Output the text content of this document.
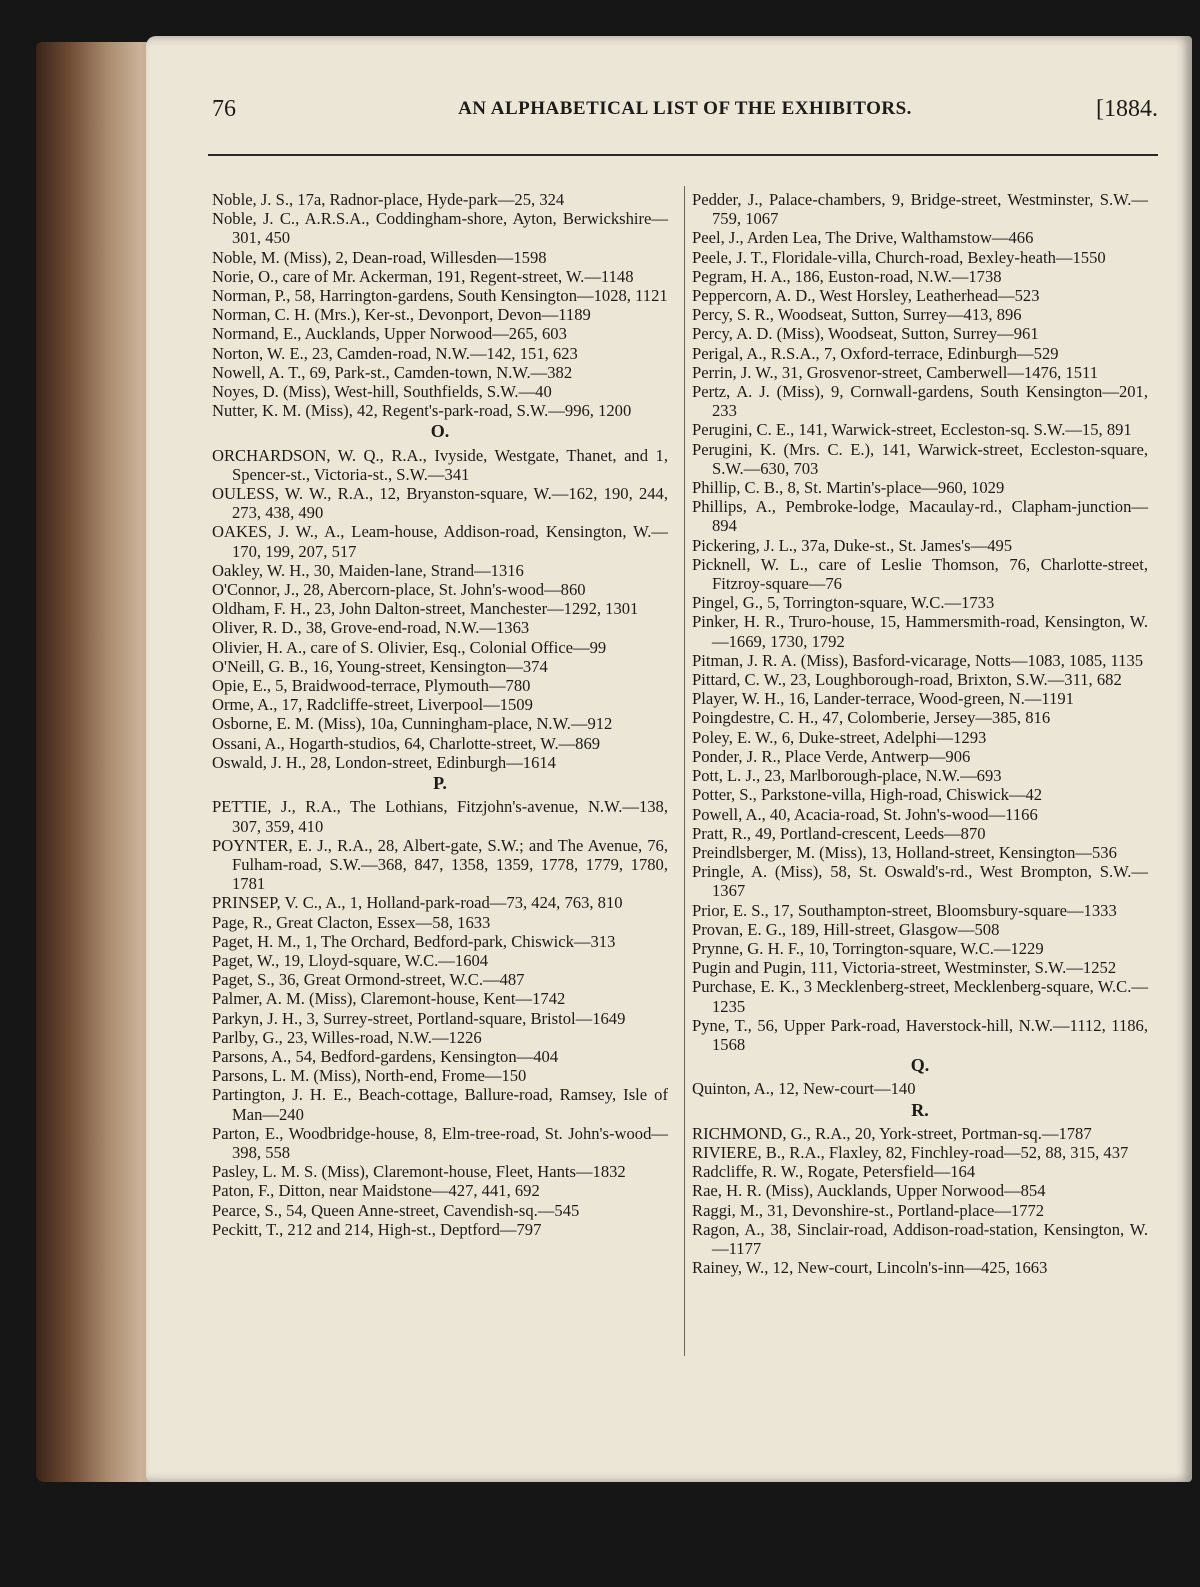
76	AN ALPHABETICAL LIST OF THE EXHIBITORS.	[1884.

Noble, J. S., 17a, Radnor-place, Hyde-park—25, 324

Noble, J. C., A.R.S.A., Coddingham-shore, Ayton, Berwickshire—301, 450

Noble, M. (Miss), 2, Dean-road, Willesden—1598

Norie, O., care of Mr. Ackerman, 191, Regent-street, W.—1148

Norman, P., 58, Harrington-gardens, South Kensington—1028, 1121

Norman, C. H. (Mrs.), Ker-st., Devonport, Devon—1189

Normand, E., Aucklands, Upper Norwood—265, 603

Norton, W. E., 23, Camden-road, N.W.—142, 151, 623

Nowell, A. T., 69, Park-st., Camden-town, N.W.—382

Noyes, D. (Miss), West-hill, Southfields, S.W.—40

Nutter, K. M. (Miss), 42, Regent's-park-road, S.W.—996, 1200

O.

ORCHARDSON, W. Q., R.A., Ivyside, Westgate, Thanet, and 1, Spencer-st., Victoria-st., S.W.—341

OULESS, W. W., R.A., 12, Bryanston-square, W.—162, 190, 244, 273, 438, 490

OAKES, J. W., A., Leam-house, Addison-road, Kensington, W.—170, 199, 207, 517

Oakley, W. H., 30, Maiden-lane, Strand—1316

O'Connor, J., 28, Abercorn-place, St. John's-wood—860

Oldham, F. H., 23, John Dalton-street, Manchester—1292, 1301

Oliver, R. D., 38, Grove-end-road, N.W.—1363

Olivier, H. A., care of S. Olivier, Esq., Colonial Office—99

O'Neill, G. B., 16, Young-street, Kensington—374

Opie, E., 5, Braidwood-terrace, Plymouth—780

Orme, A., 17, Radcliffe-street, Liverpool—1509

Osborne, E. M. (Miss), 10a, Cunningham-place, N.W.—912

Ossani, A., Hogarth-studios, 64, Charlotte-street, W.—869

Oswald, J. H., 28, London-street, Edinburgh—1614

P.

PETTIE, J., R.A., The Lothians, Fitzjohn's-avenue, N.W.—138, 307, 359, 410

POYNTER, E. J., R.A., 28, Albert-gate, S.W.; and The Avenue, 76, Fulham-road, S.W.—368, 847, 1358, 1359, 1778, 1779, 1780, 1781

PRINSEP, V. C., A., 1, Holland-park-road—73, 424, 763, 810

Page, R., Great Clacton, Essex—58, 1633

Paget, H. M., 1, The Orchard, Bedford-park, Chiswick—313

Paget, W., 19, Lloyd-square, W.C.—1604

Paget, S., 36, Great Ormond-street, W.C.—487

Palmer, A. M. (Miss), Claremont-house, Kent—1742

Parkyn, J. H., 3, Surrey-street, Portland-square, Bristol—1649

Parlby, G., 23, Willes-road, N.W.—1226

Parsons, A., 54, Bedford-gardens, Kensington—404

Parsons, L. M. (Miss), North-end, Frome—150

Partington, J. H. E., Beach-cottage, Ballure-road, Ramsey, Isle of Man—240

Parton, E., Woodbridge-house, 8, Elm-tree-road, St. John's-wood—398, 558

Pasley, L. M. S. (Miss), Claremont-house, Fleet, Hants—1832

Paton, F., Ditton, near Maidstone—427, 441, 692

Pearce, S., 54, Queen Anne-street, Cavendish-sq.—545

Peckitt, T., 212 and 214, High-st., Deptford—797

Pedder, J., Palace-chambers, 9, Bridge-street, Westminster, S.W.—759, 1067

Peel, J., Arden Lea, The Drive, Walthamstow—466

Peele, J. T., Floridale-villa, Church-road, Bexley-heath—1550

Pegram, H. A., 186, Euston-road, N.W.—1738

Peppercorn, A. D., West Horsley, Leatherhead—523

Percy, S. R., Woodseat, Sutton, Surrey—413, 896

Percy, A. D. (Miss), Woodseat, Sutton, Surrey—961

Perigal, A., R.S.A., 7, Oxford-terrace, Edinburgh—529

Perrin, J. W., 31, Grosvenor-street, Camberwell—1476, 1511

Pertz, A. J. (Miss), 9, Cornwall-gardens, South Kensington—201, 233

Perugini, C. E., 141, Warwick-street, Eccleston-sq. S.W.—15, 891

Perugini, K. (Mrs. C. E.), 141, Warwick-street, Eccleston-square, S.W.—630, 703

Phillip, C. B., 8, St. Martin's-place—960, 1029

Phillips, A., Pembroke-lodge, Macaulay-rd., Clapham-junction—894

Pickering, J. L., 37a, Duke-st., St. James's—495

Picknell, W. L., care of Leslie Thomson, 76, Charlotte-street, Fitzroy-square—76

Pingel, G., 5, Torrington-square, W.C.—1733

Pinker, H. R., Truro-house, 15, Hammersmith-road, Kensington, W.—1669, 1730, 1792

Pitman, J. R. A. (Miss), Basford-vicarage, Notts—1083, 1085, 1135

Pittard, C. W., 23, Loughborough-road, Brixton, S.W.—311, 682

Player, W. H., 16, Lander-terrace, Wood-green, N.—1191

Poingdestre, C. H., 47, Colomberie, Jersey—385, 816

Poley, E. W., 6, Duke-street, Adelphi—1293

Ponder, J. R., Place Verde, Antwerp—906

Pott, L. J., 23, Marlborough-place, N.W.—693

Potter, S., Parkstone-villa, High-road, Chiswick—42

Powell, A., 40, Acacia-road, St. John's-wood—1166

Pratt, R., 49, Portland-crescent, Leeds—870

Preindlsberger, M. (Miss), 13, Holland-street, Kensington—536

Pringle, A. (Miss), 58, St. Oswald's-rd., West Brompton, S.W.—1367

Prior, E. S., 17, Southampton-street, Bloomsbury-square—1333

Provan, E. G., 189, Hill-street, Glasgow—508

Prynne, G. H. F., 10, Torrington-square, W.C.—1229

Pugin and Pugin, 111, Victoria-street, Westminster, S.W.—1252

Purchase, E. K., 3 Mecklenberg-street, Mecklenberg-square, W.C.—1235

Pyne, T., 56, Upper Park-road, Haverstock-hill, N.W.—1112, 1186, 1568

Q.

Quinton, A., 12, New-court—140

R.

RICHMOND, G., R.A., 20, York-street, Portman-sq.—1787

RIVIERE, B., R.A., Flaxley, 82, Finchley-road—52, 88, 315, 437

Radcliffe, R. W., Rogate, Petersfield—164

Rae, H. R. (Miss), Aucklands, Upper Norwood—854

Raggi, M., 31, Devonshire-st., Portland-place—1772

Ragon, A., 38, Sinclair-road, Addison-road-station, Kensington, W.—1177

Rainey, W., 12, New-court, Lincoln's-inn—425, 1663
